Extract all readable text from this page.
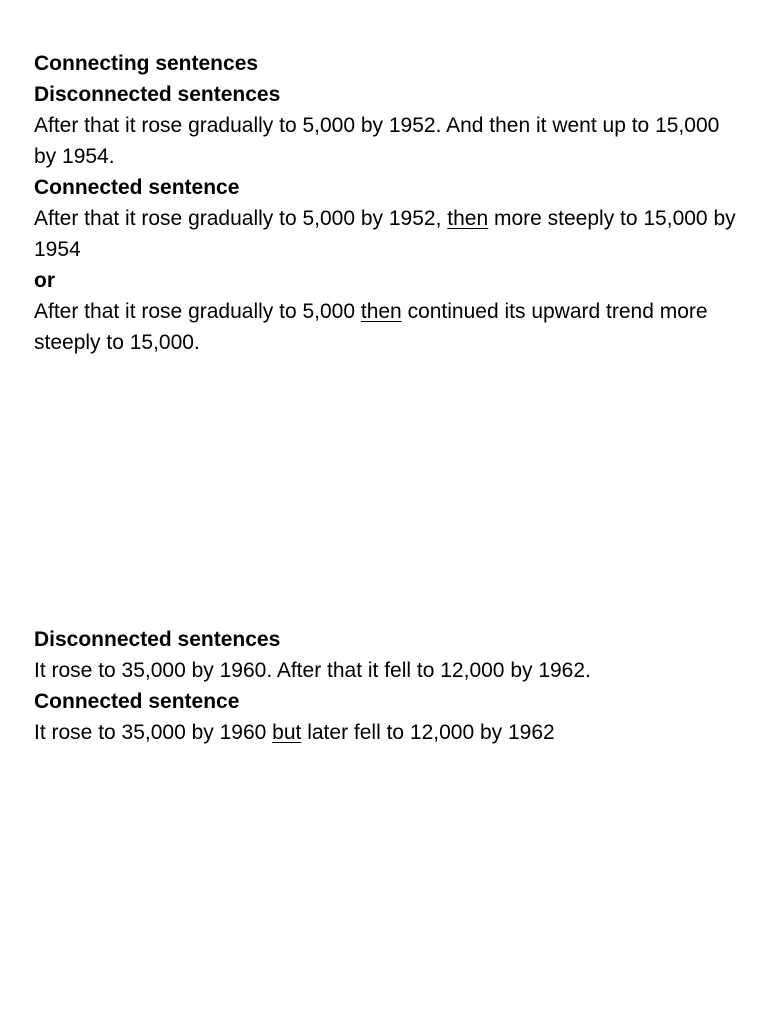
Connecting sentences

Disconnected sentences

After that it rose gradually to 5,000 by 1952. And then it went up to 15,000 by 1954.

Connected sentence

After that it rose gradually to 5,000 by 1952, then more steeply to 15,000 by 1954

or

After that it rose gradually to 5,000 then continued its upward trend more steeply to 15,000.

Disconnected sentences

It rose to 35,000 by 1960. After that it fell to 12,000 by 1962.

Connected sentence

It rose to 35,000 by 1960 but later fell to 12,000 by 1962
